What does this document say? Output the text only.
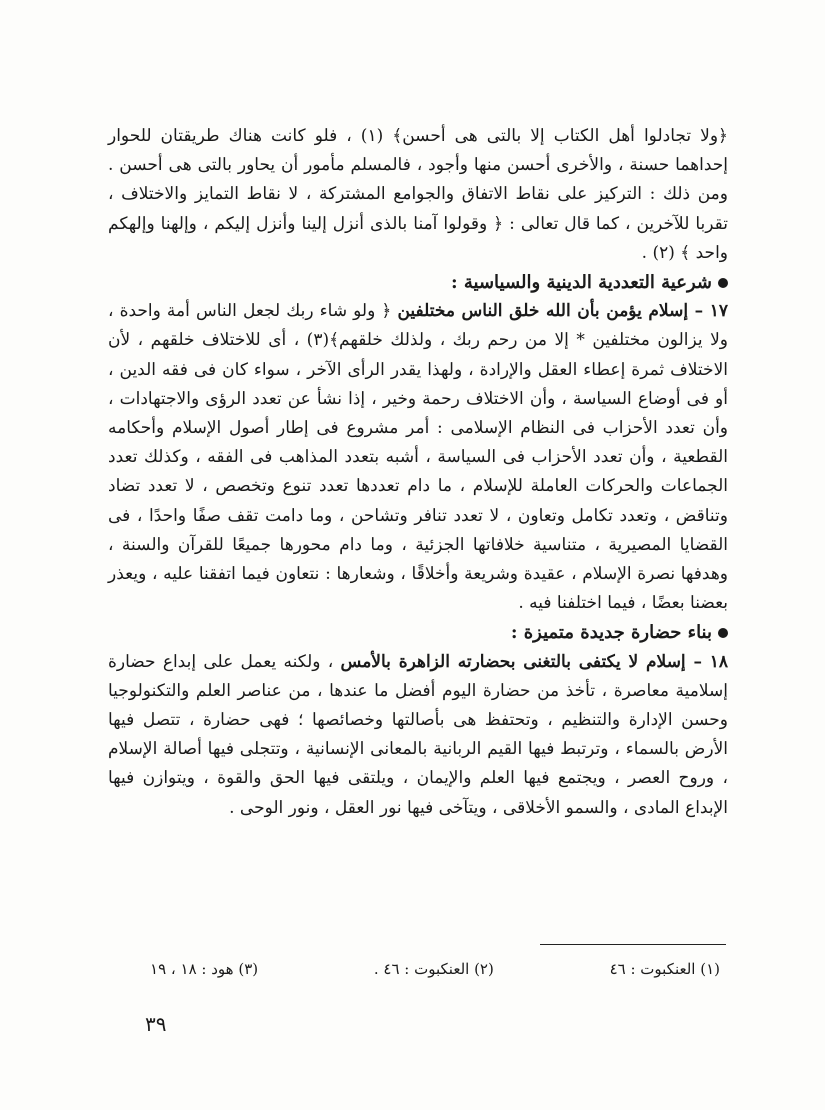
﴿ولا تجادلوا أهل الكتاب إلا بالتى هى أحسن﴾ (١) ، فلو كانت هناك طريقتان للحوار إحداهما حسنة ، والأخرى أحسن منها وأجود ، فالمسلم مأمور أن يحاور بالتى هى أحسن . ومن ذلك : التركيز على نقاط الاتفاق والجوامع المشتركة ، لا نقاط التمايز والاختلاف ، تقربا للآخرين ، كما قال تعالى : ﴿ وقولوا آمنا بالذى أنزل إلينا وأنزل إليكم ، وإلهنا وإلهكم واحد ﴾ (٢) .

شرعية التعددية الدينية والسياسية :

١٧ – إسلام يؤمن بأن الله خلق الناس مختلفين ﴿ ولو شاء ربك لجعل الناس أمة واحدة ، ولا يزالون مختلفين * إلا من رحم ربك ، ولذلك خلقهم﴾(٣) ، أى للاختلاف خلقهم ، لأن الاختلاف ثمرة إعطاء العقل والإرادة ، ولهذا يقدر الرأى الآخر ، سواء كان فى فقه الدين ، أو فى أوضاع السياسة ، وأن الاختلاف رحمة وخير ، إذا نشأ عن تعدد الرؤى والاجتهادات ، وأن تعدد الأحزاب فى النظام الإسلامى : أمر مشروع فى إطار أصول الإسلام وأحكامه القطعية ، وأن تعدد الأحزاب فى السياسة ، أشبه بتعدد المذاهب فى الفقه ، وكذلك تعدد الجماعات والحركات العاملة للإسلام ، ما دام تعددها تعدد تنوع وتخصص ، لا تعدد تضاد وتناقض ، وتعدد تكامل وتعاون ، لا تعدد تنافر وتشاحن ، وما دامت تقف صفًا واحدًا ، فى القضايا المصيرية ، متناسية خلافاتها الجزئية ، وما دام محورها جميعًا للقرآن والسنة ، وهدفها نصرة الإسلام ، عقيدة وشريعة وأخلاقًا ، وشعارها : نتعاون فيما اتفقنا عليه ، ويعذر بعضنا بعضًا ، فيما اختلفنا فيه .

بناء حضارة جديدة متميزة :

١٨ – إسلام لا يكتفى بالتغنى بحضارته الزاهرة بالأمس ، ولكنه يعمل على إبداع حضارة إسلامية معاصرة ، تأخذ من حضارة اليوم أفضل ما عندها ، من عناصر العلم والتكنولوجيا وحسن الإدارة والتنظيم ، وتحتفظ هى بأصالتها وخصائصها ؛ فهى حضارة ، تتصل فيها الأرض بالسماء ، وترتبط فيها القيم الربانية بالمعانى الإنسانية ، وتتجلى فيها أصالة الإسلام ، وروح العصر ، ويجتمع فيها العلم والإيمان ، ويلتقى فيها الحق والقوة ، ويتوازن فيها الإبداع المادى ، والسمو الأخلاقى ، ويتآخى فيها نور العقل ، ونور الوحى .

(١) العنكبوت : ٤٦
(٢) العنكبوت : ٤٦ .
(٣) هود : ١٨ ، ١٩
٣٩
